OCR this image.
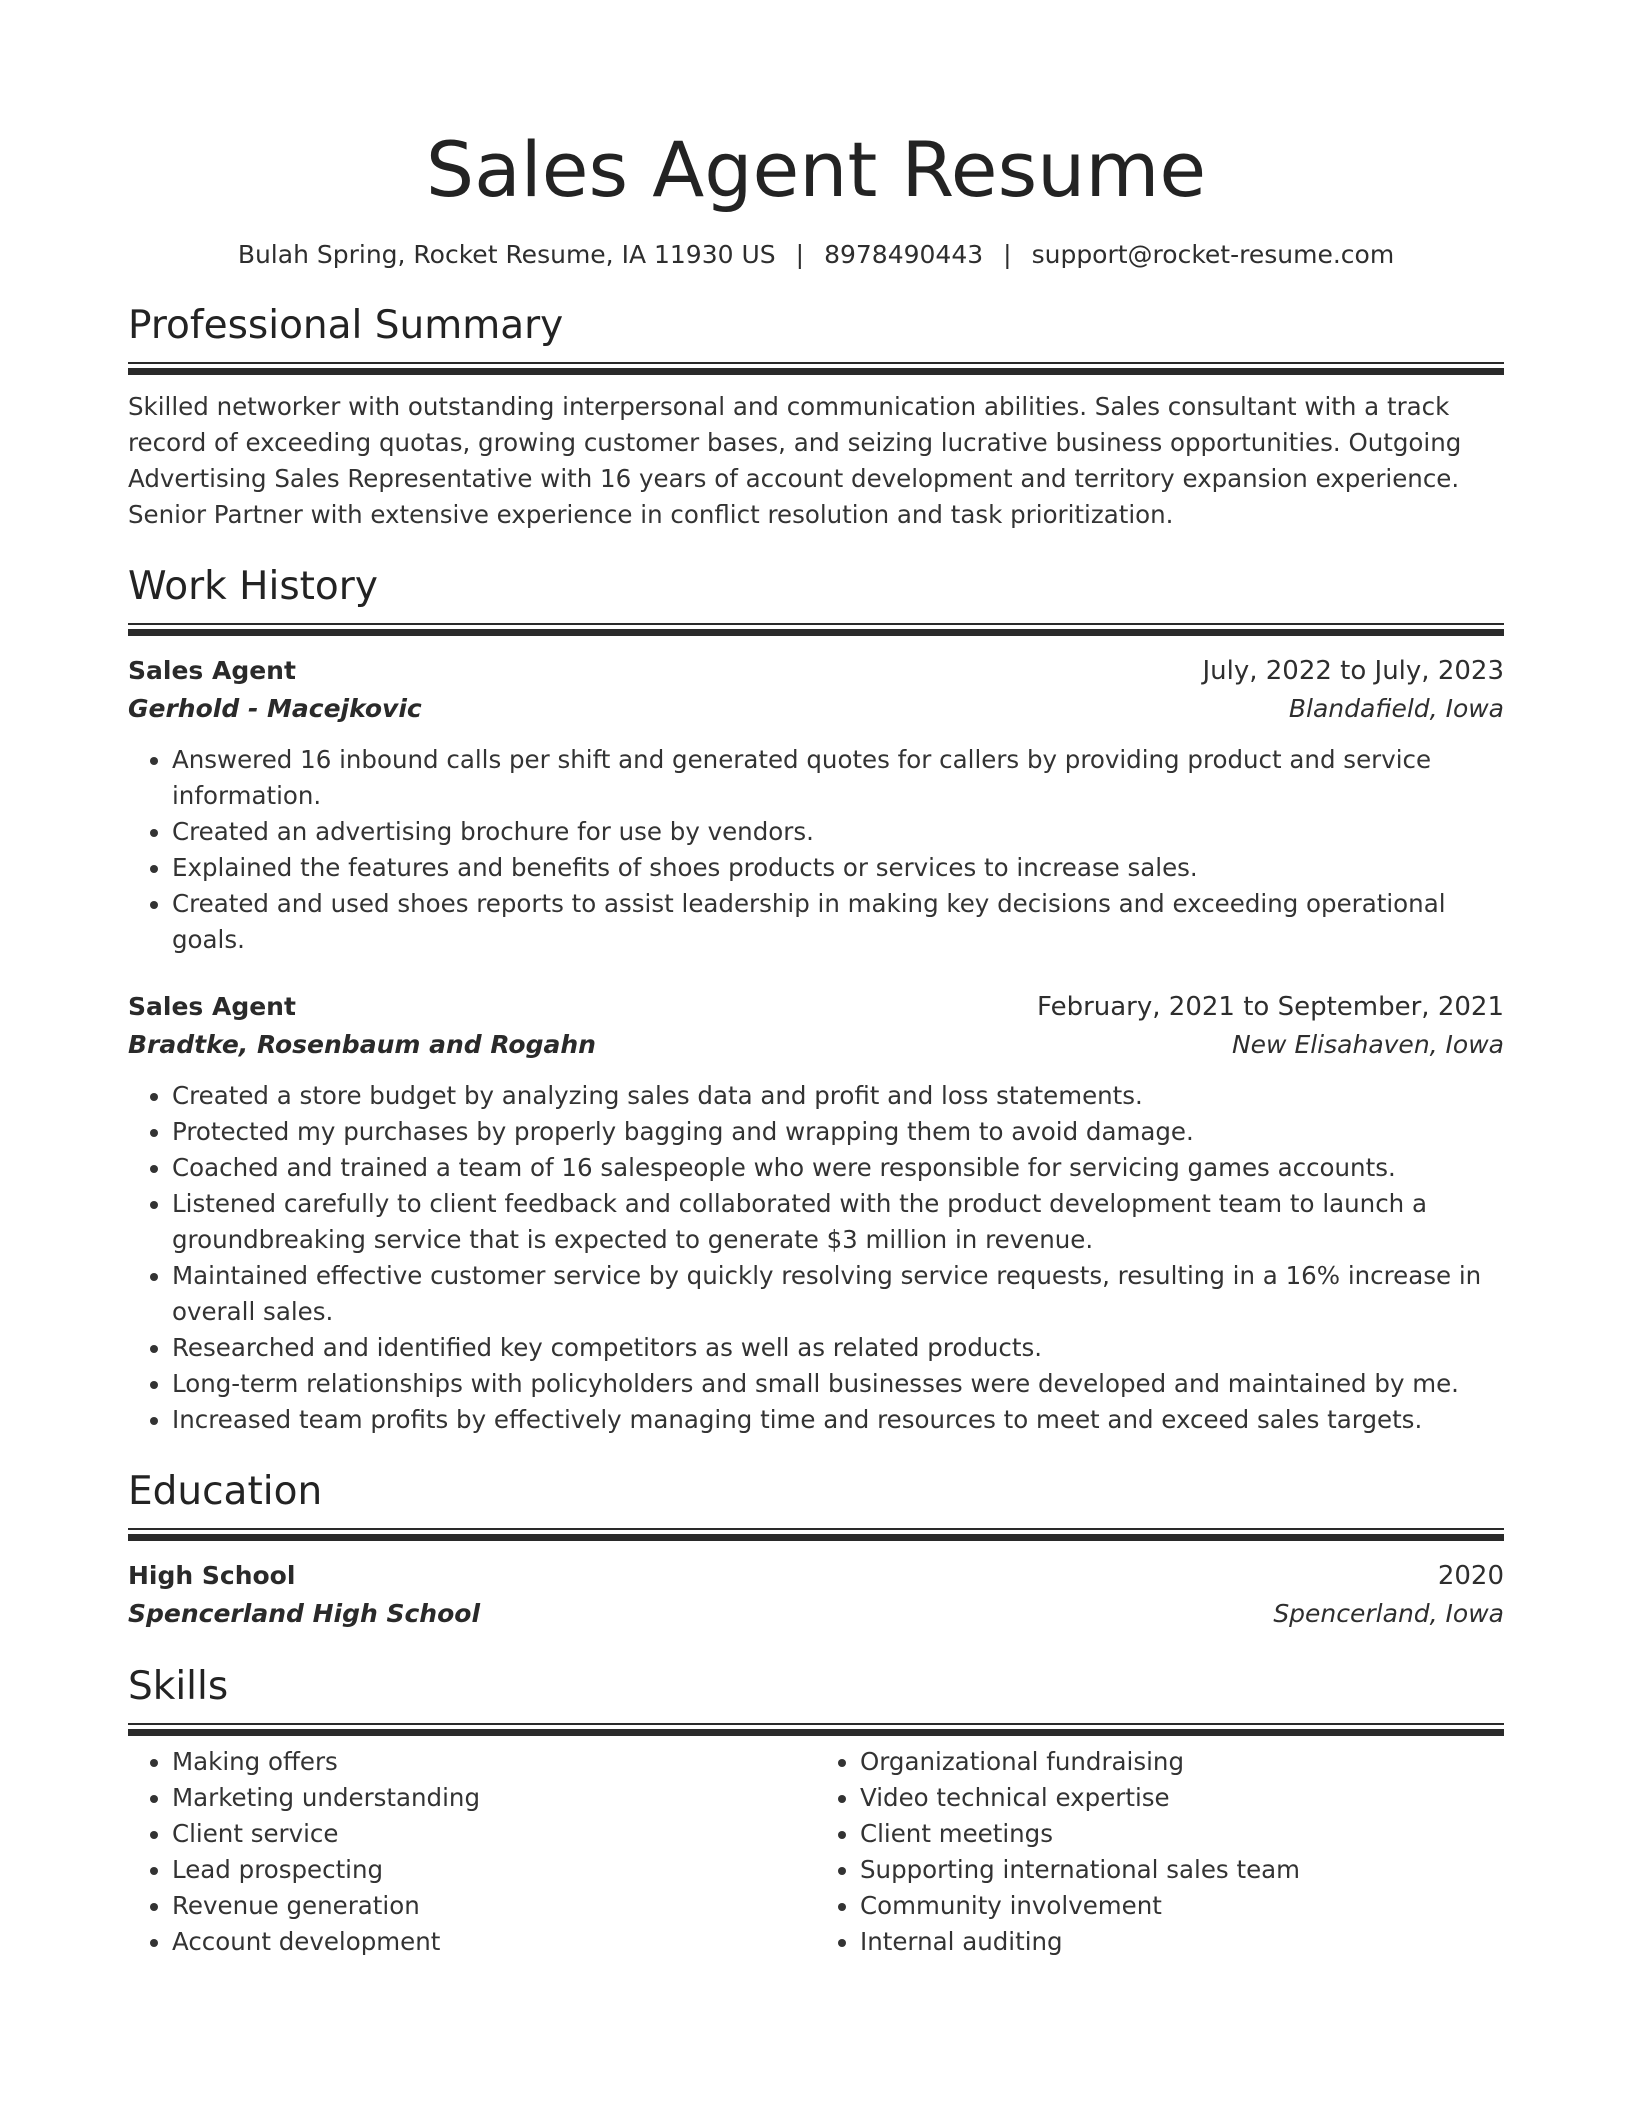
Sales Agent Resume
Bulah Spring, Rocket Resume, IA 11930 US | 8978490443 | support@rocket-resume.com
Professional Summary
Skilled networker with outstanding interpersonal and communication abilities. Sales consultant with a track record of exceeding quotas, growing customer bases, and seizing lucrative business opportunities. Outgoing Advertising Sales Representative with 16 years of account development and territory expansion experience. Senior Partner with extensive experience in conflict resolution and task prioritization.
Work History
Sales Agent	July, 2022 to July, 2023
Gerhold - Macejkovic	Blandafield, Iowa
• Answered 16 inbound calls per shift and generated quotes for callers by providing product and service information.
• Created an advertising brochure for use by vendors.
• Explained the features and benefits of shoes products or services to increase sales.
• Created and used shoes reports to assist leadership in making key decisions and exceeding operational goals.
Sales Agent	February, 2021 to September, 2021
Bradtke, Rosenbaum and Rogahn	New Elisahaven, Iowa
• Created a store budget by analyzing sales data and profit and loss statements.
• Protected my purchases by properly bagging and wrapping them to avoid damage.
• Coached and trained a team of 16 salespeople who were responsible for servicing games accounts.
• Listened carefully to client feedback and collaborated with the product development team to launch a groundbreaking service that is expected to generate $3 million in revenue.
• Maintained effective customer service by quickly resolving service requests, resulting in a 16% increase in overall sales.
• Researched and identified key competitors as well as related products.
• Long-term relationships with policyholders and small businesses were developed and maintained by me.
• Increased team profits by effectively managing time and resources to meet and exceed sales targets.
Education
High School	2020
Spencerland High School	Spencerland, Iowa
Skills
• Making offers
• Marketing understanding
• Client service
• Lead prospecting
• Revenue generation
• Account development
• Organizational fundraising
• Video technical expertise
• Client meetings
• Supporting international sales team
• Community involvement
• Internal auditing
